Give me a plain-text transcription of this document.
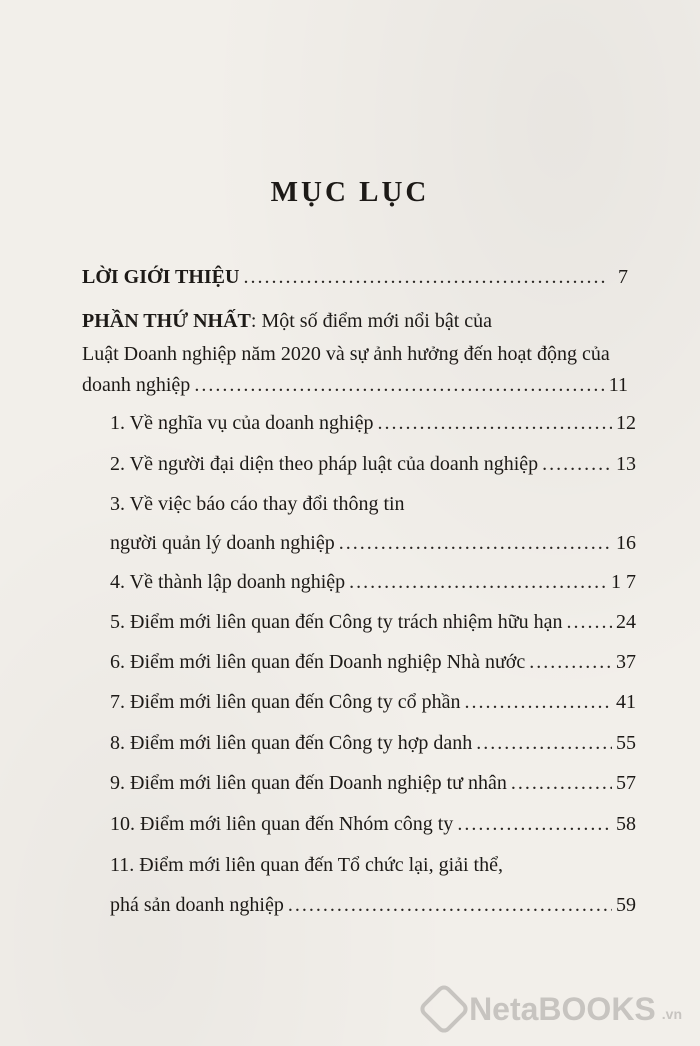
MỤC LỤC
LỜI GIỚI THIỆU .....	7
PHẦN THỨ NHẤT: Một số điểm mới nổi bật của
Luật Doanh nghiệp năm 2020 và sự ảnh hưởng đến hoạt động của
doanh nghiệp .....	11
1. Về nghĩa vụ của doanh nghiệp .....	12
2. Về người đại diện theo pháp luật của doanh nghiệp .....	13
3. Về việc báo cáo thay đổi thông tin
người quản lý doanh nghiệp .....	16
4. Về thành lập doanh nghiệp .....	1 7
5. Điểm mới liên quan đến Công ty trách nhiệm hữu hạn .....	24
6. Điểm mới liên quan đến Doanh nghiệp Nhà nước .....	37
7. Điểm mới liên quan đến Công ty cổ phần .....	41
8. Điểm mới liên quan đến Công ty hợp danh .....	55
9. Điểm mới liên quan đến Doanh nghiệp tư nhân .....	57
10. Điểm mới liên quan đến Nhóm công ty .....	58
11. Điểm mới liên quan đến Tổ chức lại, giải thể,
phá sản doanh nghiệp .....	59
NetaBOOKS .vn
